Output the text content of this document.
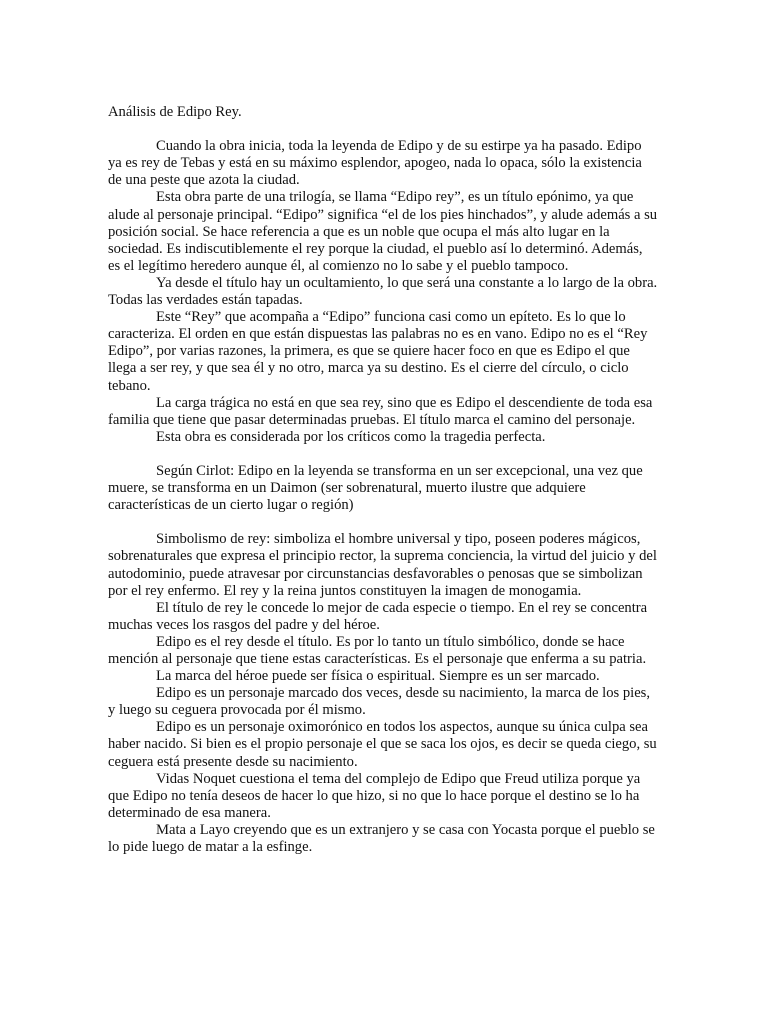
Análisis de Edipo Rey.

Cuando la obra inicia, toda la leyenda de Edipo y de su estirpe ya ha pasado. Edipo ya es rey de Tebas y está en su máximo esplendor, apogeo, nada lo opaca, sólo la existencia de una peste que azota la ciudad.

Esta obra parte de una trilogía, se llama “Edipo rey”, es un título epónimo, ya que alude al personaje principal. “Edipo” significa “el de los pies hinchados”, y alude además a su posición social. Se hace referencia a que es un noble que ocupa el más alto lugar en la sociedad. Es indiscutiblemente el rey porque la ciudad, el pueblo así lo determinó. Además, es el legítimo heredero aunque él, al comienzo no lo sabe y el pueblo tampoco.

Ya desde el título hay un ocultamiento, lo que será una constante a lo largo de la obra. Todas las verdades están tapadas.

Este “Rey” que acompaña a “Edipo” funciona casi como un epíteto. Es lo que lo caracteriza. El orden en que están dispuestas las palabras no es en vano. Edipo no es el “Rey Edipo”, por varias razones, la primera, es que se quiere hacer foco en que es Edipo el que llega a ser rey, y que sea él y no otro, marca ya su destino. Es el cierre del círculo, o ciclo tebano.

La carga trágica no está en que sea rey, sino que es Edipo el descendiente de toda esa familia que tiene que pasar determinadas pruebas. El título marca el camino del personaje.

Esta obra es considerada por los críticos como la tragedia perfecta.

Según Cirlot: Edipo en la leyenda se transforma en un ser excepcional, una vez que muere, se transforma en un Daimon (ser sobrenatural, muerto ilustre que adquiere características de un cierto lugar o región)

Simbolismo de rey: simboliza el hombre universal y tipo, poseen poderes mágicos, sobrenaturales que expresa el principio rector, la suprema conciencia, la virtud del juicio y del autodominio, puede atravesar por circunstancias desfavorables o penosas que se simbolizan por el rey enfermo. El rey y la reina juntos constituyen la imagen de monogamia.

El título de rey le concede lo mejor de cada especie o tiempo. En el rey se concentra muchas veces los rasgos del padre y del héroe.

Edipo es el rey desde el título. Es por lo tanto un título simbólico, donde se hace mención al personaje que tiene estas características. Es el personaje que enferma a su patria.

La marca del héroe puede ser física o espiritual. Siempre es un ser marcado.

Edipo es un personaje marcado dos veces, desde su nacimiento, la marca de los pies, y luego su ceguera provocada por él mismo.

Edipo es un personaje oximorónico en todos los aspectos, aunque su única culpa sea haber nacido. Si bien es el propio personaje el que se saca los ojos, es decir se queda ciego, su ceguera está presente desde su nacimiento.

Vidas Noquet cuestiona el tema del complejo de Edipo que Freud utiliza porque ya que Edipo no tenía deseos de hacer lo que hizo, si no que lo hace porque el destino se lo ha determinado de esa manera.

Mata a Layo creyendo que es un extranjero y se casa con Yocasta porque el pueblo se lo pide luego de matar a la esfinge.
